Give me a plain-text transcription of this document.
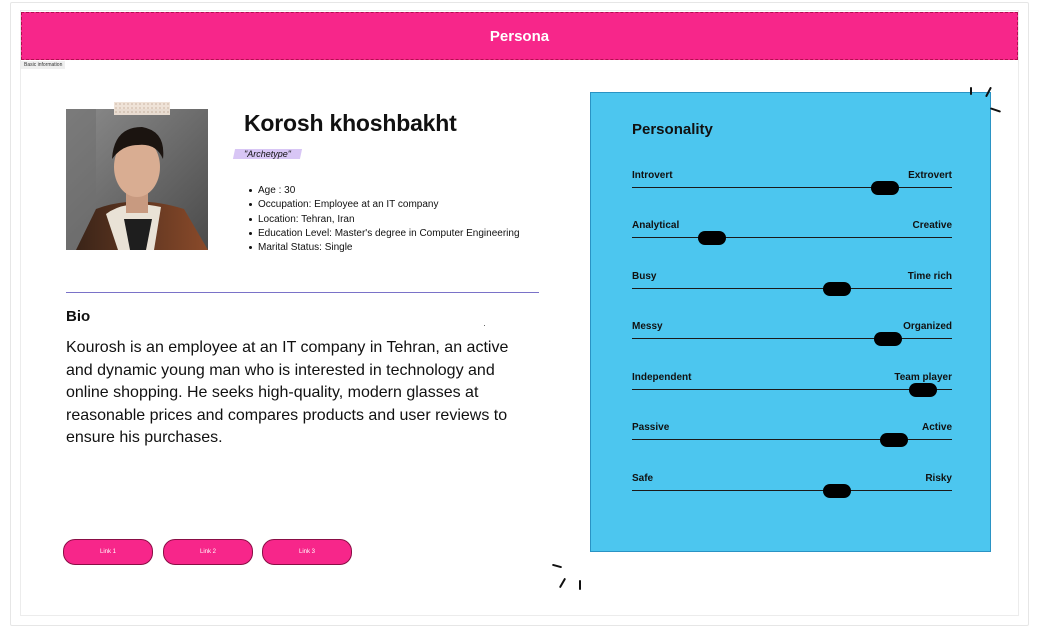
Persona
Basic information
Korosh khoshbakht
"Archetype"
Age : 30
Occupation: Employee at an IT company
Location: Tehran, Iran
Education Level: Master's degree in Computer Engineering
Marital Status: Single
Bio
Kourosh is an employee at an IT company in Tehran, an active and dynamic young man who is interested in technology and online shopping. He seeks high-quality, modern glasses at reasonable prices and compares products and user reviews to ensure his purchases.
Link 1	Link 2	Link 3
Personality
Introvert	Extrovert
Analytical	Creative
Busy	Time rich
Messy	Organized
Independent	Team player
Passive	Active
Safe	Risky
